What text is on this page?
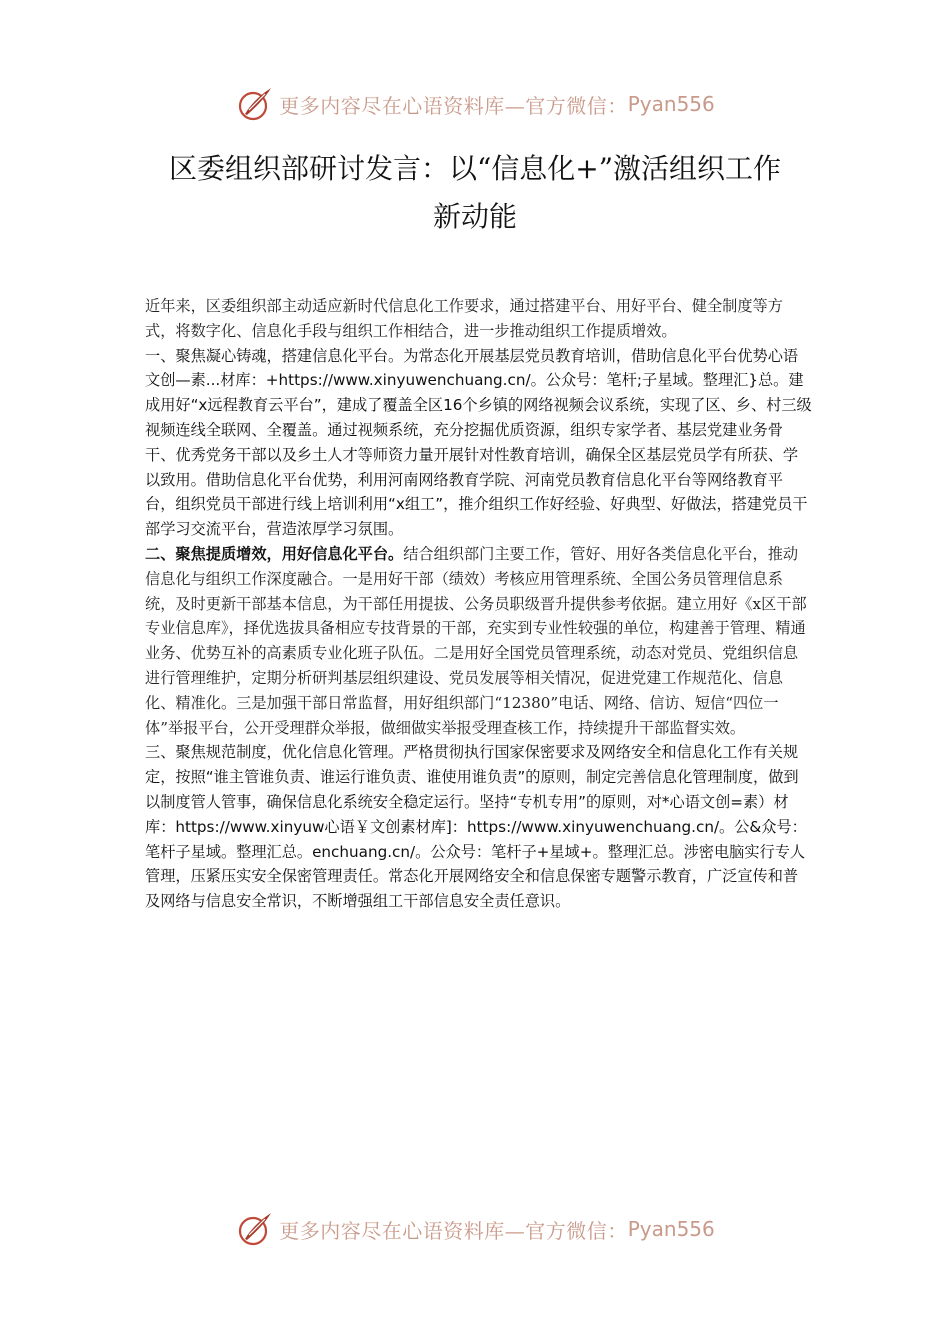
更多内容尽在心语资料库—官方微信： Pyan556
区委组织部研讨发言：以“信息化+”激活组织工作
新动能

近年来，区委组织部主动适应新时代信息化工作要求，通过搭建平台、用好平台、健全制度等方式，将数字化、信息化手段与组织工作相结合，进一步推动组织工作提质增效。

一、聚焦凝心铸魂，搭建信息化平台。为常态化开展基层党员教育培训，借助信息化平台优势心语文创—素...材库：+https://www.xinyuwenchuang.cn/。公众号：笔杆;子星域。整理汇}总。建成用好“x远程教育云平台”，建成了覆盖全区16个乡镇的网络视频会议系统，实现了区、乡、村三级视频连线全联网、全覆盖。通过视频系统，充分挖掘优质资源，组织专家学者、基层党建业务骨干、优秀党务干部以及乡土人才等师资力量开展针对性教育培训，确保全区基层党员学有所获、学以致用。借助信息化平台优势，利用河南网络教育学院、河南党员教育信息化平台等网络教育平台，组织党员干部进行线上培训利用“x组工”，推介组织工作好经验、好典型、好做法，搭建党员干部学习交流平台，营造浓厚学习氛围。

二、聚焦提质增效，用好信息化平台。结合组织部门主要工作，管好、用好各类信息化平台，推动信息化与组织工作深度融合。一是用好干部（绩效）考核应用管理系统、全国公务员管理信息系统，及时更新干部基本信息，为干部任用提拔、公务员职级晋升提供参考依据。建立用好《x区干部专业信息库》，择优选拔具备相应专技背景的干部，充实到专业性较强的单位，构建善于管理、精通业务、优势互补的高素质专业化班子队伍。二是用好全国党员管理系统，动态对党员、党组织信息进行管理维护，定期分析研判基层组织建设、党员发展等相关情况，促进党建工作规范化、信息化、精准化。三是加强干部日常监督，用好组织部门“12380”电话、网络、信访、短信“四位一体”举报平台，公开受理群众举报，做细做实举报受理查核工作，持续提升干部监督实效。

三、聚焦规范制度，优化信息化管理。严格贯彻执行国家保密要求及网络安全和信息化工作有关规定，按照“谁主管谁负责、谁运行谁负责、谁使用谁负责”的原则，制定完善信息化管理制度，做到以制度管人管事，确保信息化系统安全稳定运行。坚持“专机专用”的原则，对*心语文创=素）材库：https://www.xinyuw心语￥文创素材库]：https://www.xinyuwenchuang.cn/。公&众号：笔杆子星域。整理汇总。enchuang.cn/。公众号：笔杆子+星域+。整理汇总。涉密电脑实行专人管理，压紧压实安全保密管理责任。常态化开展网络安全和信息保密专题警示教育，广泛宣传和普及网络与信息安全常识，不断增强组工干部信息安全责任意识。

更多内容尽在心语资料库—官方微信： Pyan556
